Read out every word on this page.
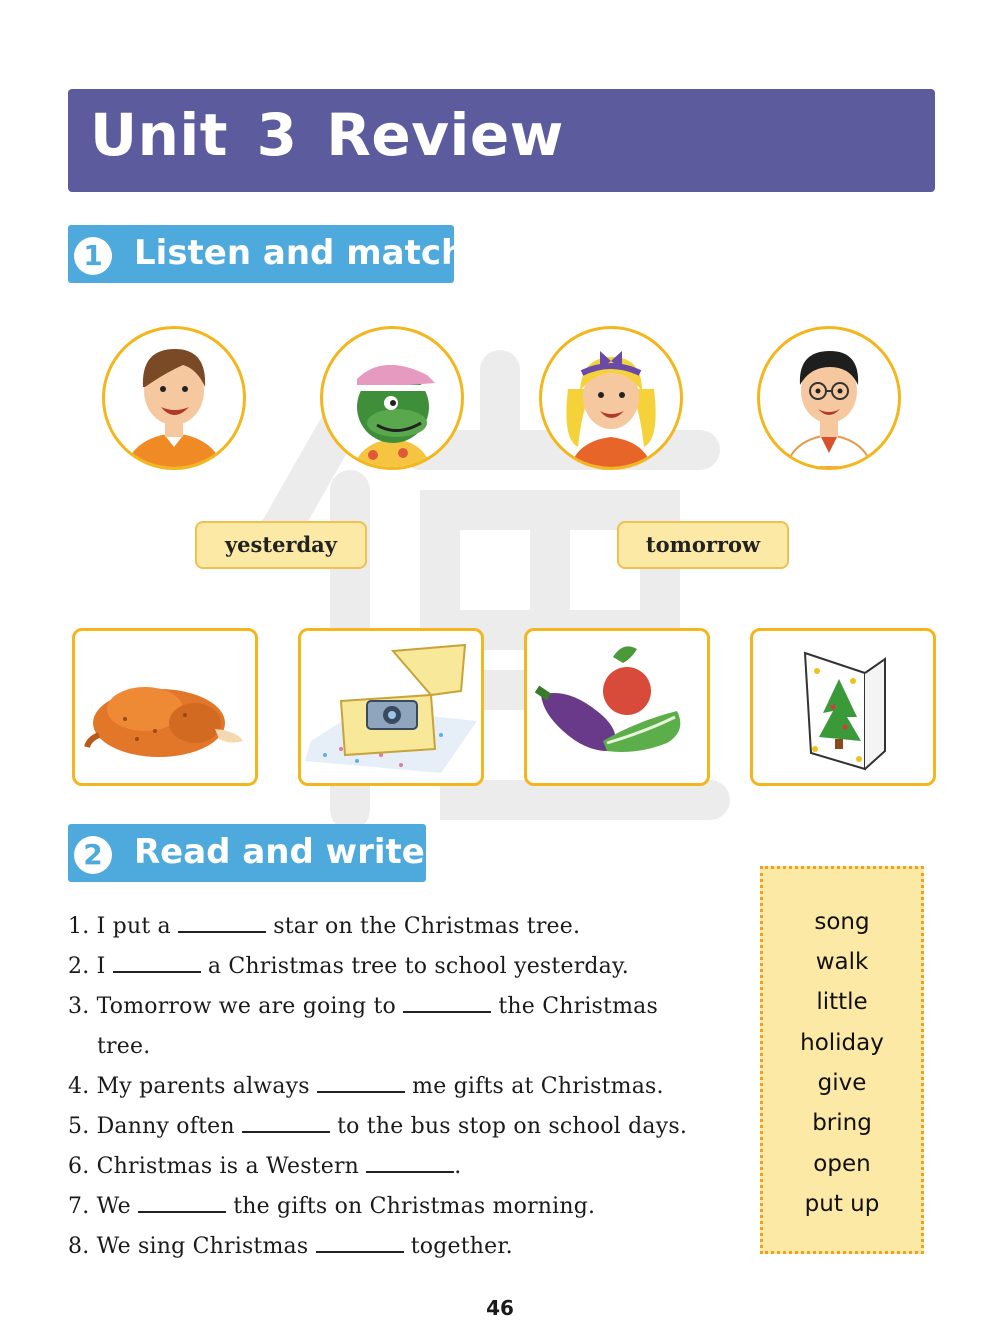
Unit 3 Review
1 Listen and match
yesterday	tomorrow
2 Read and write
1. I put a	star on the Christmas tree.
2. I	a Christmas tree to school yesterday.
3. Tomorrow we are going to	the Christmas
tree.
4. My parents always	me gifts at Christmas.
5. Danny often	to the bus stop on school days.
6. Christmas is a Western	.
7. We	the gifts on Christmas morning.
8. We sing Christmas	together.
song
walk
little
holiday
give
bring
open
put up
46
